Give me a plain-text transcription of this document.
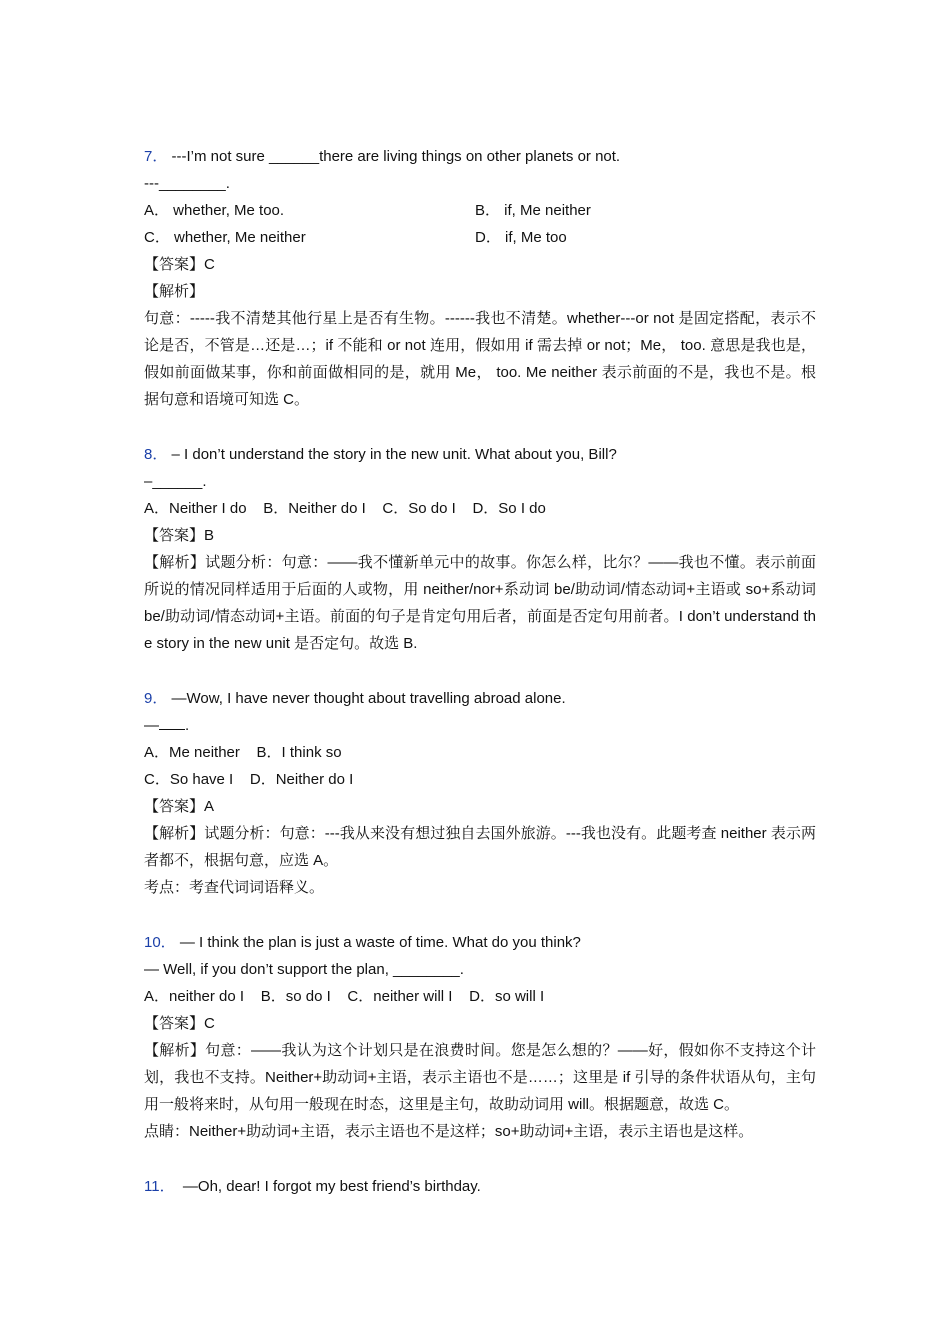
7． ---I’m not sure ______there are living things on other planets or not.
---________.
A． whether, Me too.	B． if, Me neither
C． whether, Me neither	D． if, Me too
【答案】C
【解析】
句意：-----我不清楚其他行星上是否有生物。------我也不清楚。whether---or not 是固定搭配，表示不论是否，不管是…还是…；if 不能和 or not 连用，假如用 if 需去掉 or not；Me， too. 意思是我也是，假如前面做某事，你和前面做相同的是，就用 Me， too. Me neither 表示前面的不是，我也不是。根据句意和语境可知选 C。
8． – I don’t understand the story in the new unit. What about you, Bill?
–______.
A．Neither I do    B．Neither do I    C．So do I    D．So I do
【答案】B
【解析】试题分析：句意：——我不懂新单元中的故事。你怎么样，比尔？——我也不懂。表示前面所说的情况同样适用于后面的人或物，用 neither/nor+系动词 be/助动词/情态动词+主语或 so+系动词 be/助动词/情态动词+主语。前面的句子是肯定句用后者，前面是否定句用前者。I don’t understand the story in the new unit 是否定句。故选 B.
9． —Wow, I have never thought about travelling abroad alone.
— .
A．Me neither    B．I think so
C．So have I    D．Neither do I
【答案】A
【解析】试题分析：句意：---我从来没有想过独自去国外旅游。---我也没有。此题考查 neither 表示两者都不，根据句意，应选 A。
考点：考查代词词语释义。
10． — I think the plan is just a waste of time. What do you think?
— Well, if you don’t support the plan, ________.
A．neither do I    B．so do I    C．neither will I    D．so will I
【答案】C
【解析】句意：——我认为这个计划只是在浪费时间。您是怎么想的？——好，假如你不支持这个计划，我也不支持。Neither+助动词+主语，表示主语也不是……；这里是 if 引导的条件状语从句，主句用一般将来时，从句用一般现在时态，这里是主句，故助动词用 will。根据题意，故选 C。
点睛：Neither+助动词+主语，表示主语也不是这样；so+助动词+主语，表示主语也是这样。
11．  —Oh, dear! I forgot my best friend’s birthday.
